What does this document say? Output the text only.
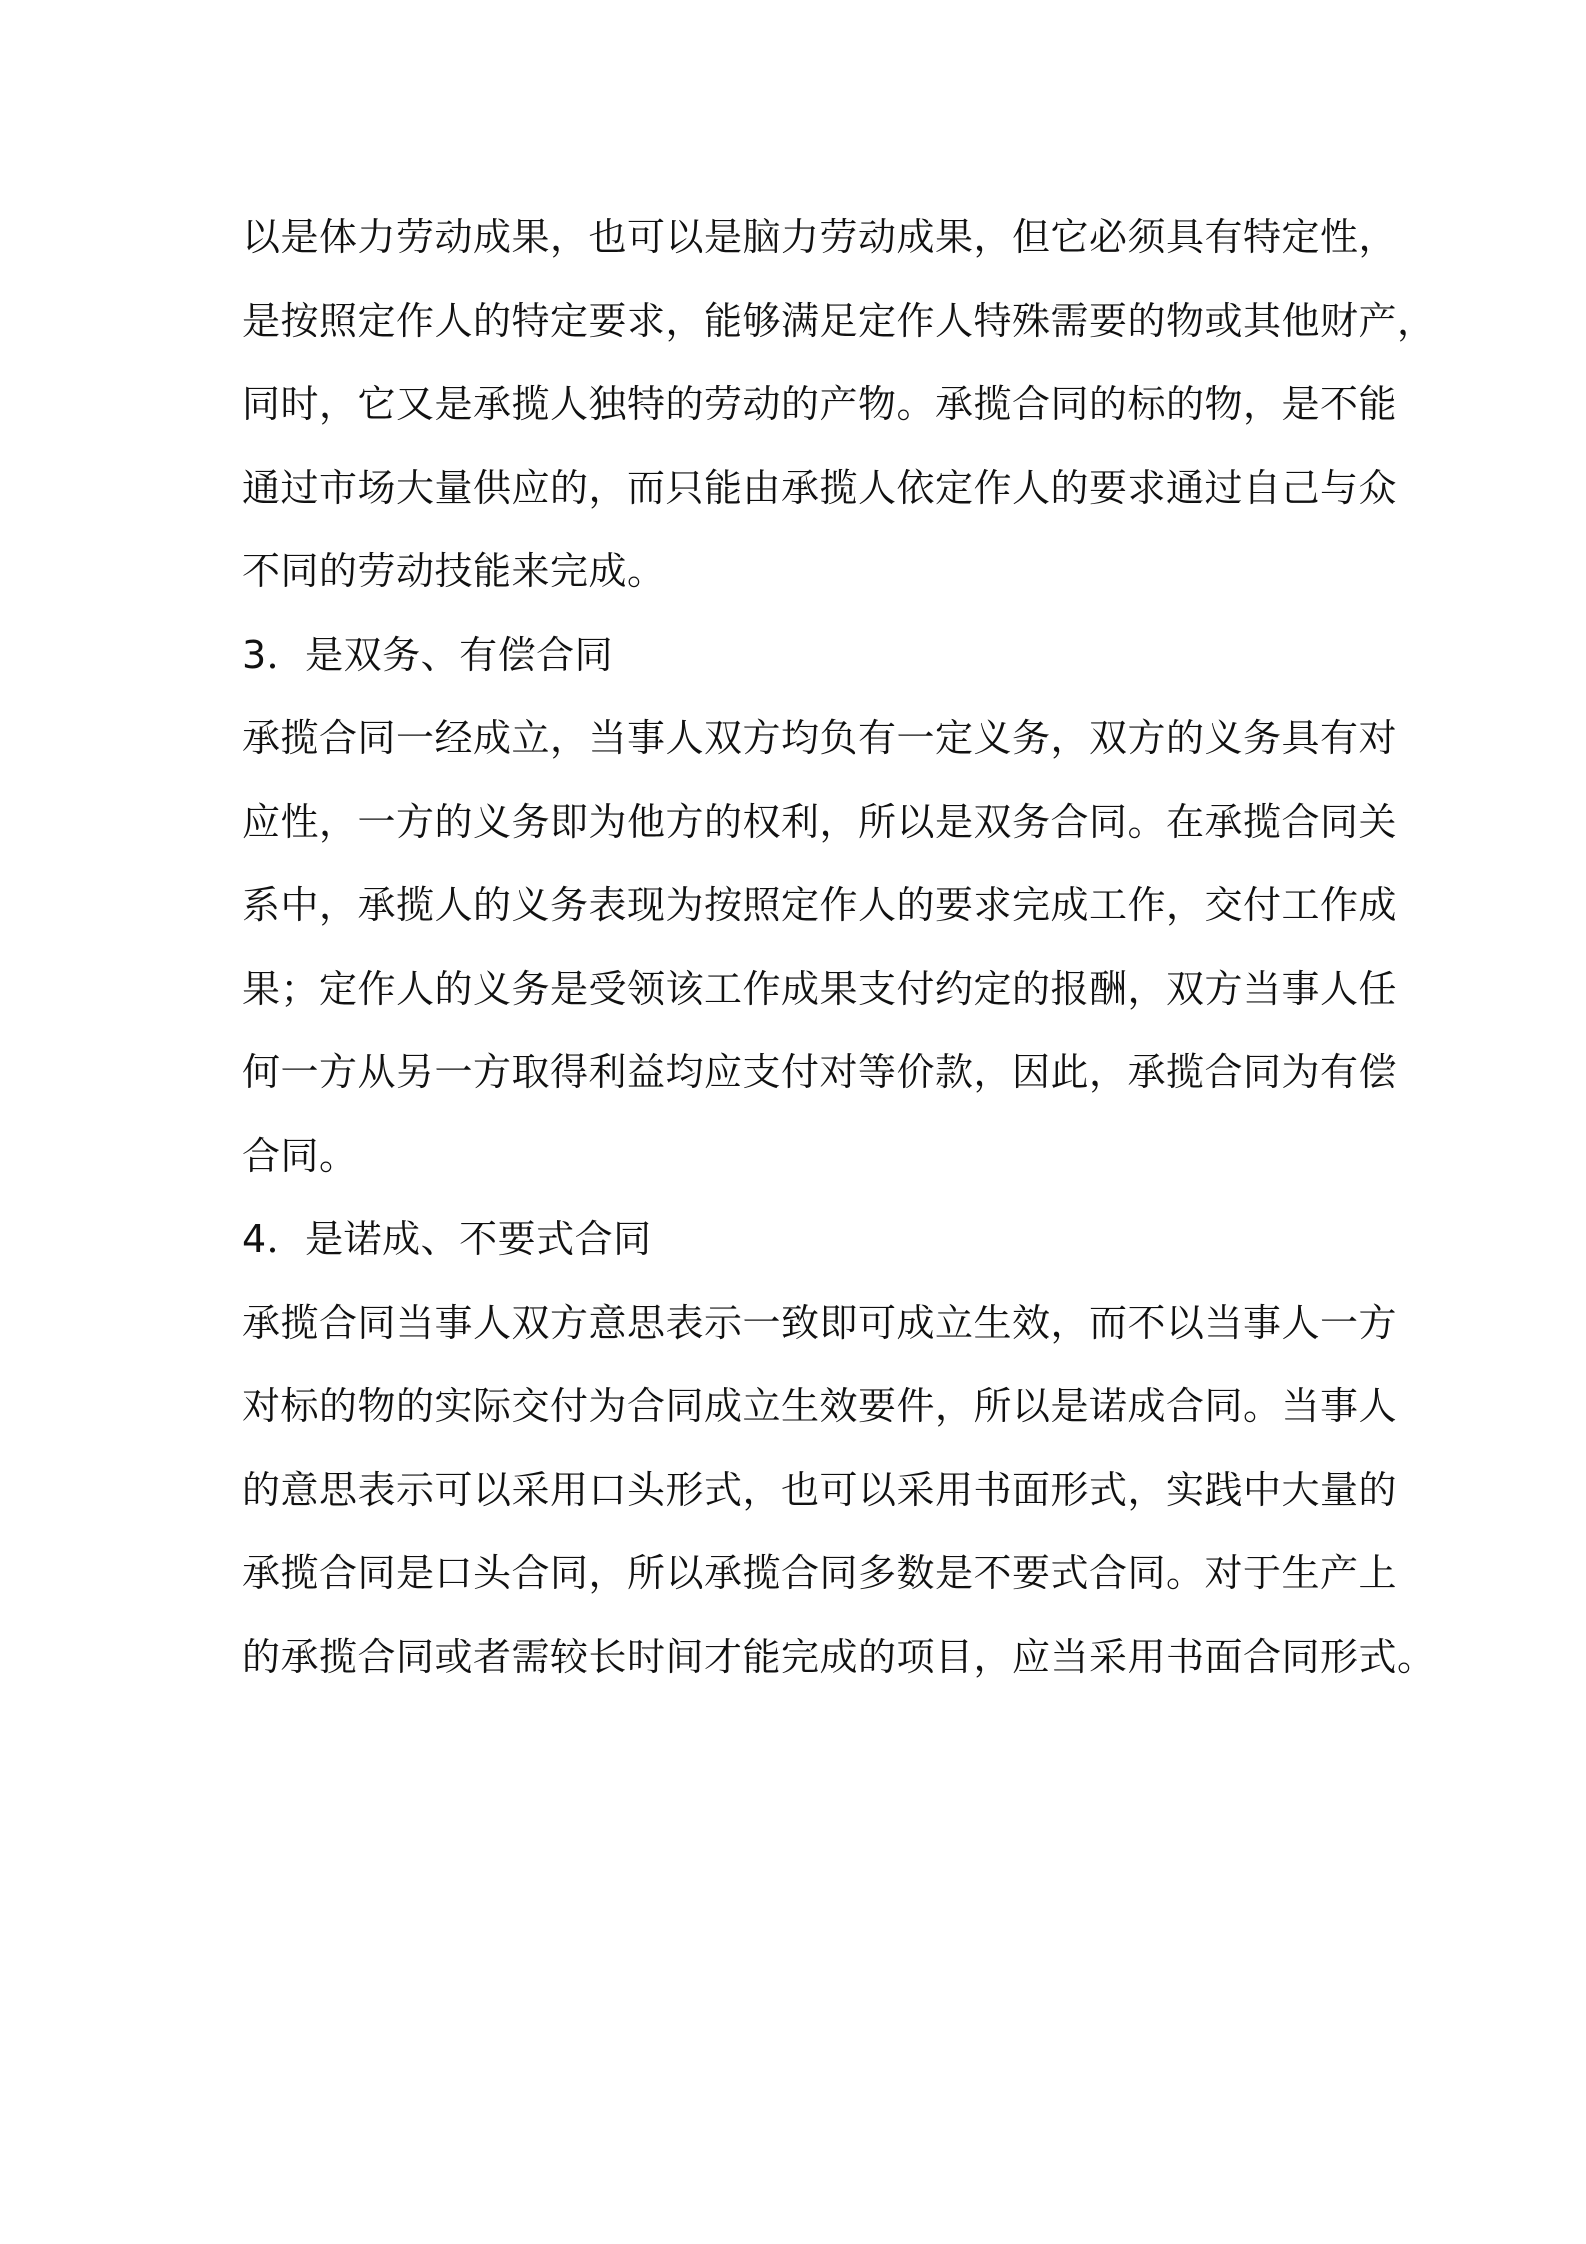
以是体力劳动成果，也可以是脑力劳动成果，但它必须具有特定性，
是按照定作人的特定要求，能够满足定作人特殊需要的物或其他财产，
同时，它又是承揽人独特的劳动的产物。承揽合同的标的物，是不能
通过市场大量供应的，而只能由承揽人依定作人的要求通过自己与众
不同的劳动技能来完成。
3．是双务、有偿合同
承揽合同一经成立，当事人双方均负有一定义务，双方的义务具有对
应性，一方的义务即为他方的权利，所以是双务合同。在承揽合同关
系中，承揽人的义务表现为按照定作人的要求完成工作，交付工作成
果；定作人的义务是受领该工作成果支付约定的报酬，双方当事人任
何一方从另一方取得利益均应支付对等价款，因此，承揽合同为有偿
合同。
4．是诺成、不要式合同
承揽合同当事人双方意思表示一致即可成立生效，而不以当事人一方
对标的物的实际交付为合同成立生效要件，所以是诺成合同。当事人
的意思表示可以采用口头形式，也可以采用书面形式，实践中大量的
承揽合同是口头合同，所以承揽合同多数是不要式合同。对于生产上
的承揽合同或者需较长时间才能完成的项目，应当采用书面合同形式。
